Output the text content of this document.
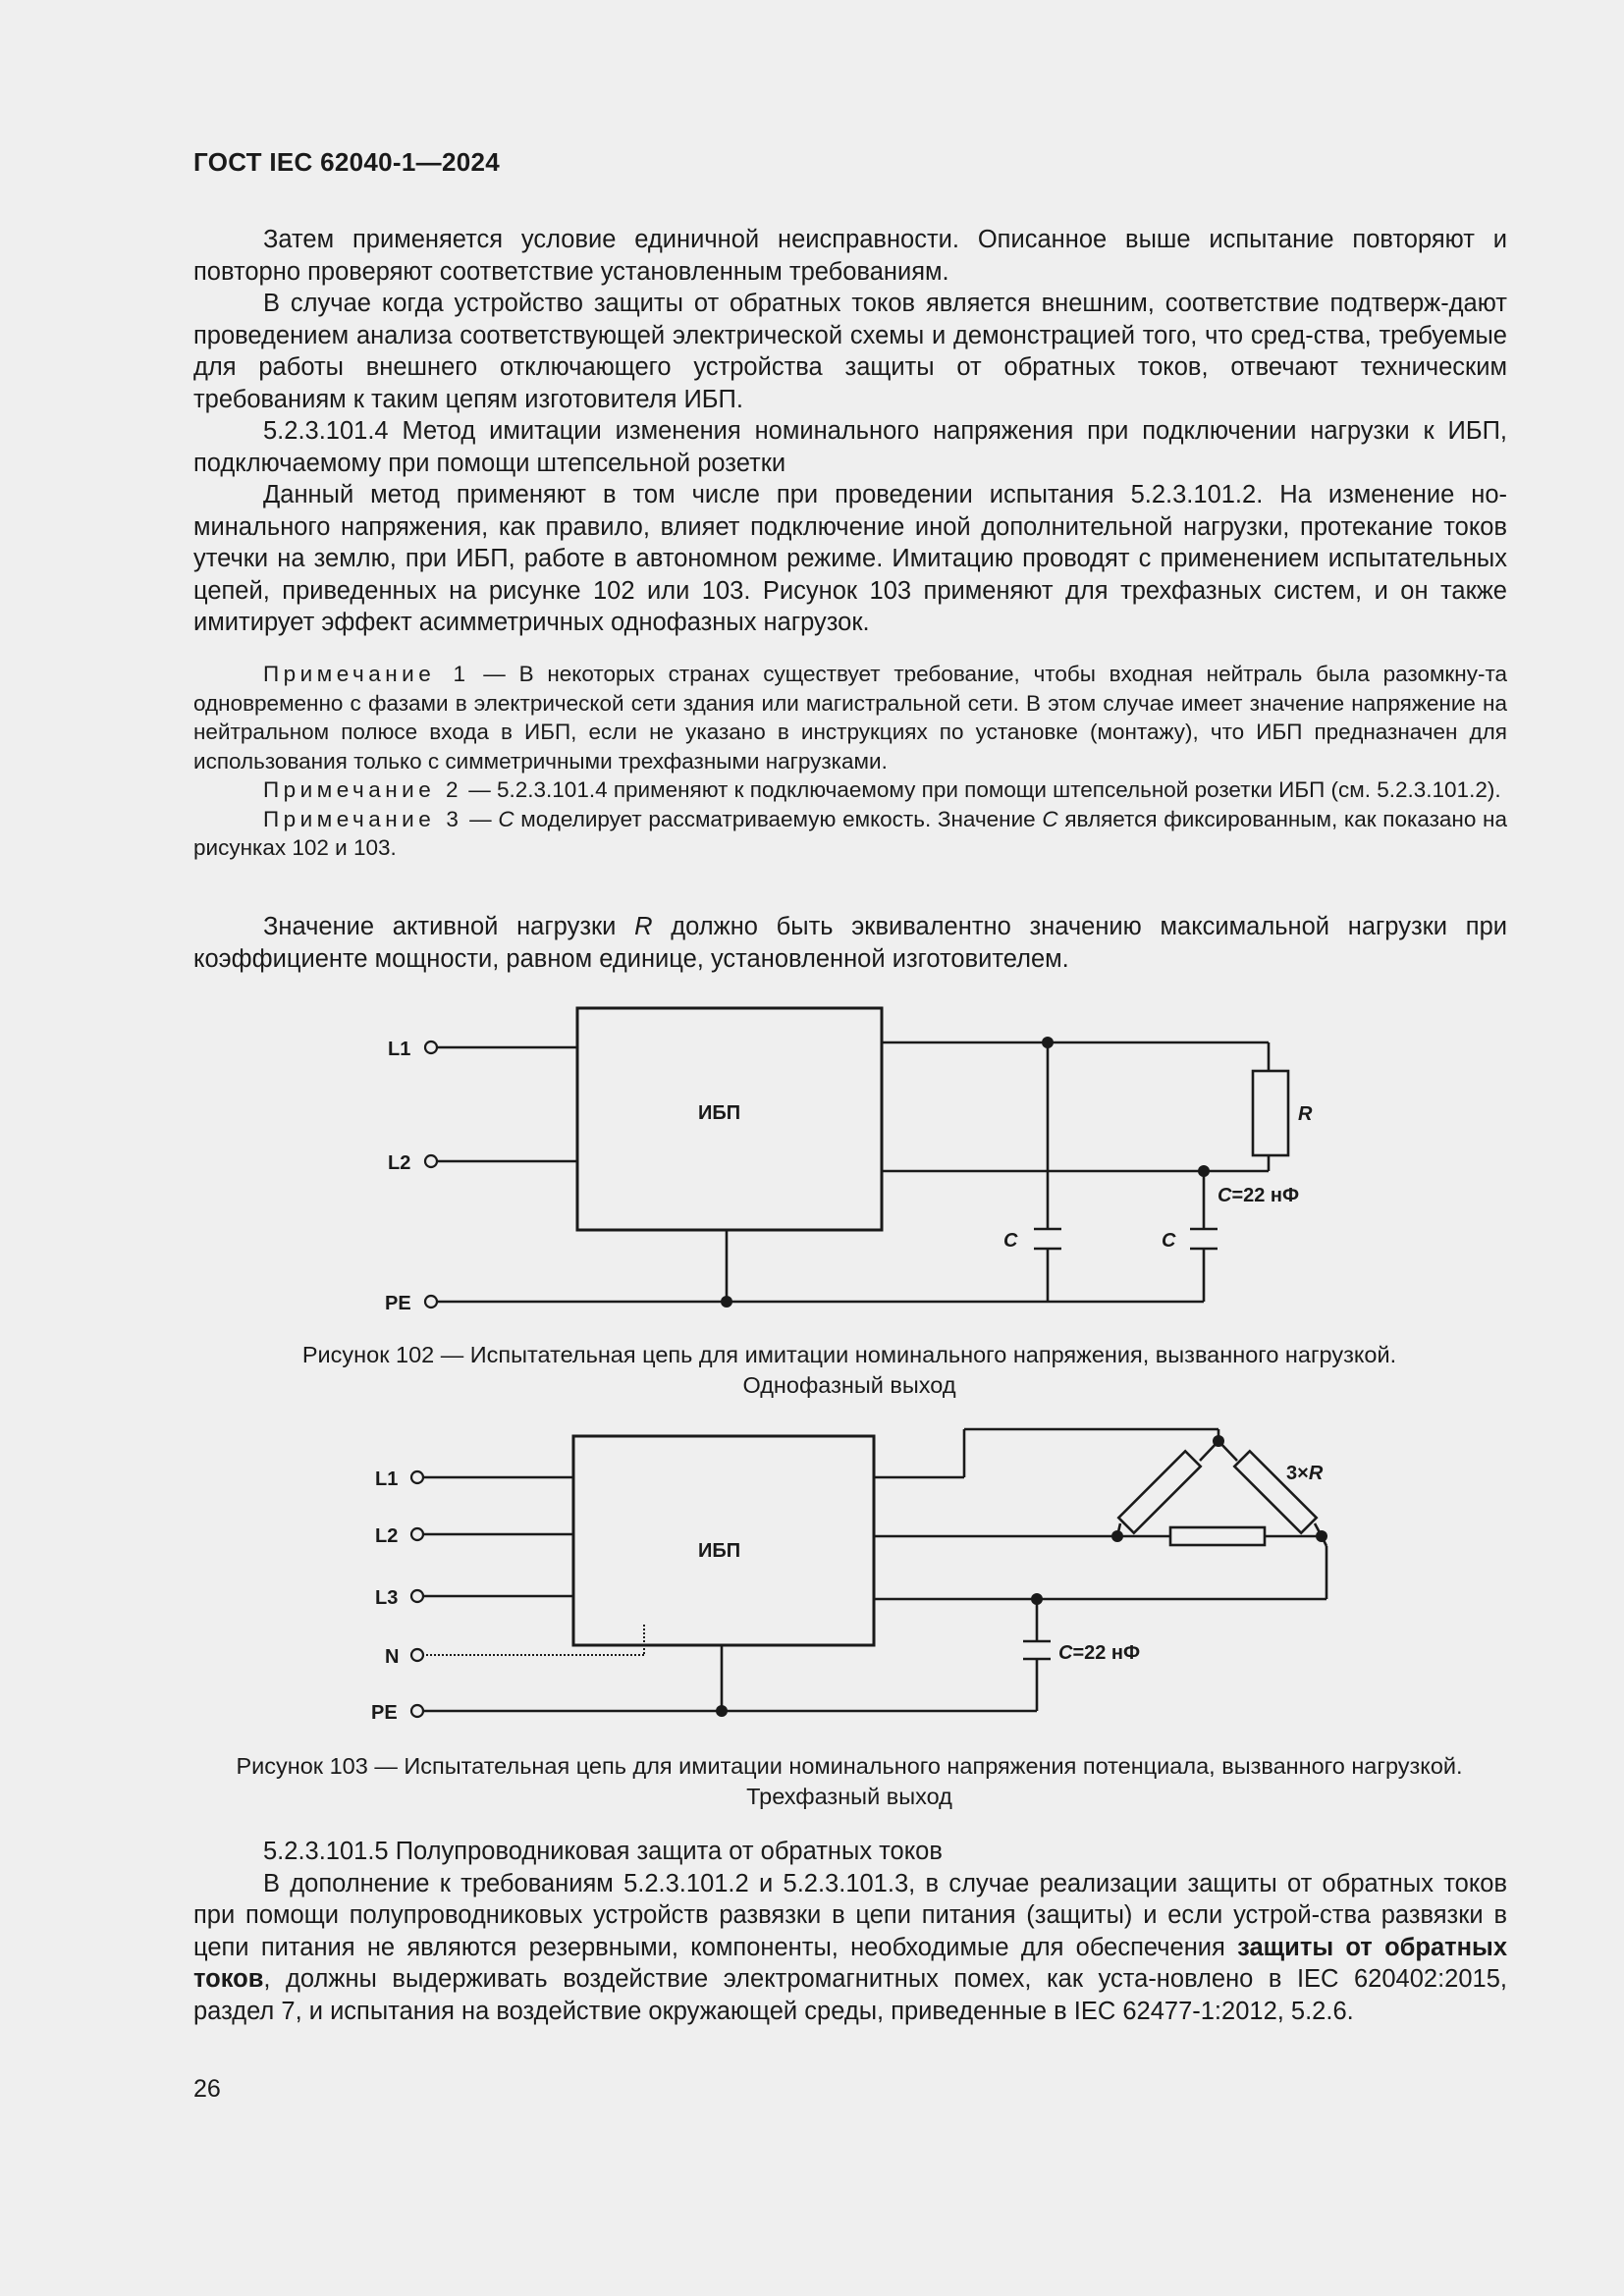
ГОСТ IEC 62040-1—2024

Затем применяется условие единичной неисправности. Описанное выше испытание повторяют и повторно проверяют соответствие установленным требованиям.

В случае когда устройство защиты от обратных токов является внешним, соответствие подтверж-дают проведением анализа соответствующей электрической схемы и демонстрацией того, что сред-ства, требуемые для работы внешнего отключающего устройства защиты от обратных токов, отвечают техническим требованиям к таким цепям изготовителя ИБП.

5.2.3.101.4 Метод имитации изменения номинального напряжения при подключении нагрузки к ИБП, подключаемому при помощи штепсельной розетки

Данный метод применяют в том числе при проведении испытания 5.2.3.101.2. На изменение но-минального напряжения, как правило, влияет подключение иной дополнительной нагрузки, протекание токов утечки на землю, при ИБП, работе в автономном режиме. Имитацию проводят с применением испытательных цепей, приведенных на рисунке 102 или 103. Рисунок 103 применяют для трехфазных систем, и он также имитирует эффект асимметричных однофазных нагрузок.

Примечание 1 — В некоторых странах существует требование, чтобы входная нейтраль была разомкну-та одновременно с фазами в электрической сети здания или магистральной сети. В этом случае имеет значение напряжение на нейтральном полюсе входа в ИБП, если не указано в инструкциях по установке (монтажу), что ИБП предназначен для использования только с симметричными трехфазными нагрузками.

Примечание 2 — 5.2.3.101.4 применяют к подключаемому при помощи штепсельной розетки ИБП (см. 5.2.3.101.2).

Примечание 3 — C моделирует рассматриваемую емкость. Значение C является фиксированным, как показано на рисунках 102 и 103.

Значение активной нагрузки R должно быть эквивалентно значению максимальной нагрузки при коэффициенте мощности, равном единице, установленной изготовителем.

L1
L2
PE
ИБП	R
C	C
C=22 нФ

Рисунок 102 — Испытательная цепь для имитации номинального напряжения, вызванного нагрузкой.

Однофазный выход

L1
L2
L3
N
PE
ИБП
3×R
C=22 нФ

Рисунок 103 — Испытательная цепь для имитации номинального напряжения потенциала, вызванного нагрузкой.

Трехфазный выход

5.2.3.101.5 Полупроводниковая защита от обратных токов

В дополнение к требованиям 5.2.3.101.2 и 5.2.3.101.3, в случае реализации защиты от обратных токов при помощи полупроводниковых устройств развязки в цепи питания (защиты) и если устрой-ства развязки в цепи питания не являются резервными, компоненты, необходимые для обеспечения защиты от обратных токов, должны выдерживать воздействие электромагнитных помех, как уста-новлено в IEC 620402:2015, раздел 7, и испытания на воздействие окружающей среды, приведенные в IEC 62477-1:2012, 5.2.6.

26
